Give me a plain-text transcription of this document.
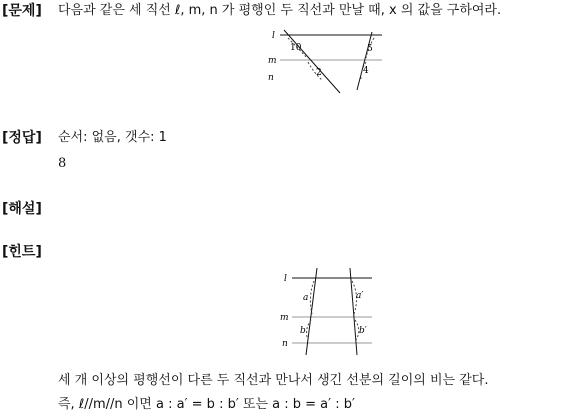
[문제] 다음과 같은 세 직선 ℓ, m, n 가 평행인 두 직선과 만날 때, x 의 값을 구하여라.
l
m
n
10
2
5
4
[정답] 순서: 없음, 갯수: 1
8
[해설]
[힌트]
l
m
n
a	a′
b	b′
세 개 이상의 평행선이 다른 두 직선과 만나서 생긴 선분의 길이의 비는 같다.
즉, ℓ//m//n 이면 a : a′ = b : b′ 또는 a : b = a′ : b′
